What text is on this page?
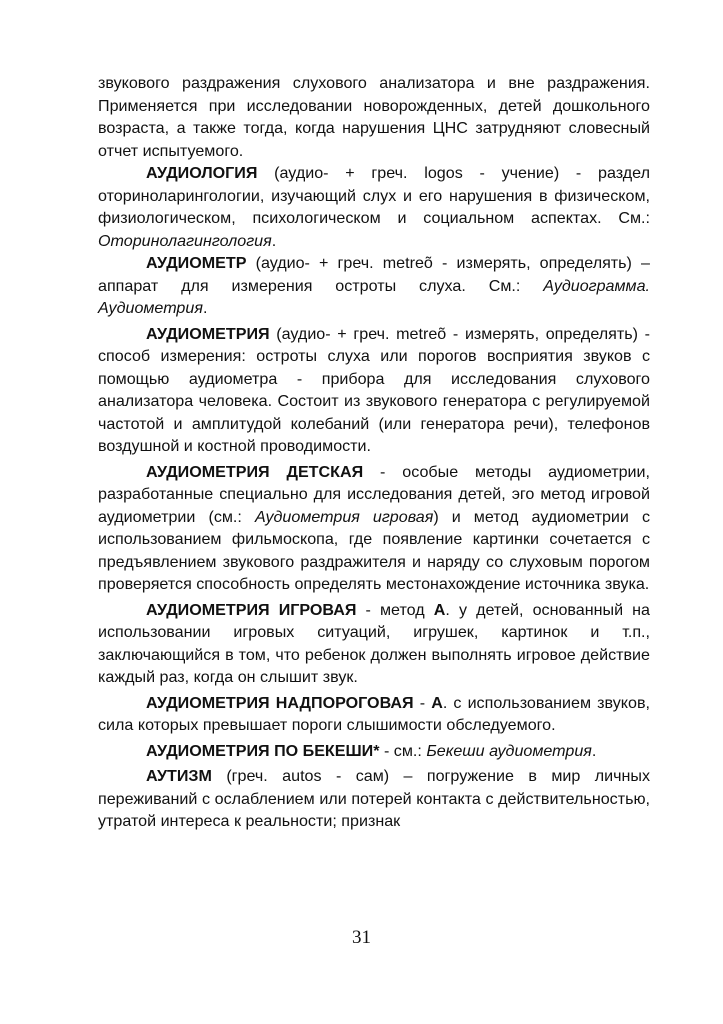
звукового раздражения слухового анализатора и вне раздражения. Применяется при исследовании новорожденных, детей дошкольного возраста, а также тогда, когда нарушения ЦНС затрудняют словесный отчет испытуемого.

АУДИОЛОГИЯ (аудио- + греч. logos - учение) - раздел оториноларингологии, изучающий слух и его нарушения в физическом, физиологическом, психологическом и социальном аспектах. См.: Оторинолагингология.

АУДИОМЕТР (аудио- + греч. metreõ - измерять, определять) – аппарат для измерения остроты слуха. См.: Аудиограмма. Аудиометрия.

АУДИОМЕТРИЯ (аудио- + греч. metreõ - измерять, определять) - способ измерения: остроты слуха или порогов восприятия звуков с помощью аудиометра - прибора для исследования слухового анализатора человека. Состоит из звукового генератора с регулируемой частотой и амплитудой колебаний (или генератора речи), телефонов воздушной и костной проводимости.

АУДИОМЕТРИЯ ДЕТСКАЯ - особые методы аудиометрии, разработанные специально для исследования детей, эго метод игровой аудиометрии (см.: Аудиометрия игровая) и метод аудиометрии с использованием фильмоскопа, где появление картинки сочетается с предъявлением звукового раздражителя и наряду со слуховым порогом проверяется способность определять местонахождение источника звука.

АУДИОМЕТРИЯ ИГРОВАЯ - метод А. у детей, основанный на использовании игровых ситуаций, игрушек, картинок и т.п., заключающийся в том, что ребенок должен выполнять игровое действие каждый раз, когда он слышит звук.

АУДИОМЕТРИЯ НАДПОРОГОВАЯ - А. с использованием звуков, сила которых превышает пороги слышимости обследуемого.

АУДИОМЕТРИЯ ПО БЕКЕШИ* - см.: Бекеши аудиометрия.

АУТИЗМ (греч. autos - сам) – погружение в мир личных переживаний с ослаблением или потерей контакта с действительностью, утратой интереса к реальности; признак

31
